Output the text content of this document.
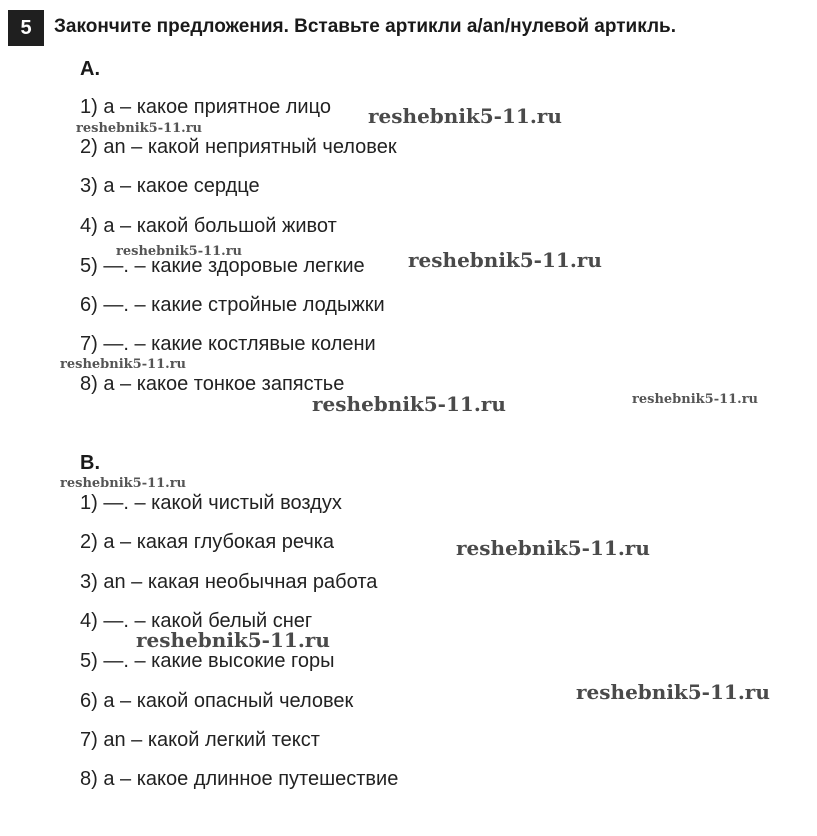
5	Закончите предложения. Вставьте артикли a/an/нулевой артикль.
А.
1) a – какое приятное лицо
2) an – какой неприятный человек
3) a – какое сердце
4) a – какой большой живот
5) —. – какие здоровые легкие
6) —. – какие стройные лодыжки
7) —. – какие костлявые колени
8) a – какое тонкое запястье
В.
1) —. – какой чистый воздух
2) a – какая глубокая речка
3) an – какая необычная работа
4) —. – какой белый снег
5) —. – какие высокие горы
6) a – какой опасный человек
7) an – какой легкий текст
8) a – какое длинное путешествие
reshebnik5-11.ru
reshebnik5-11.ru
reshebnik5-11.ru	reshebnik5-11.ru
reshebnik5-11.ru
reshebnik5-11.ru	reshebnik5-11.ru
reshebnik5-11.ru
reshebnik5-11.ru
reshebnik5-11.ru
reshebnik5-11.ru
